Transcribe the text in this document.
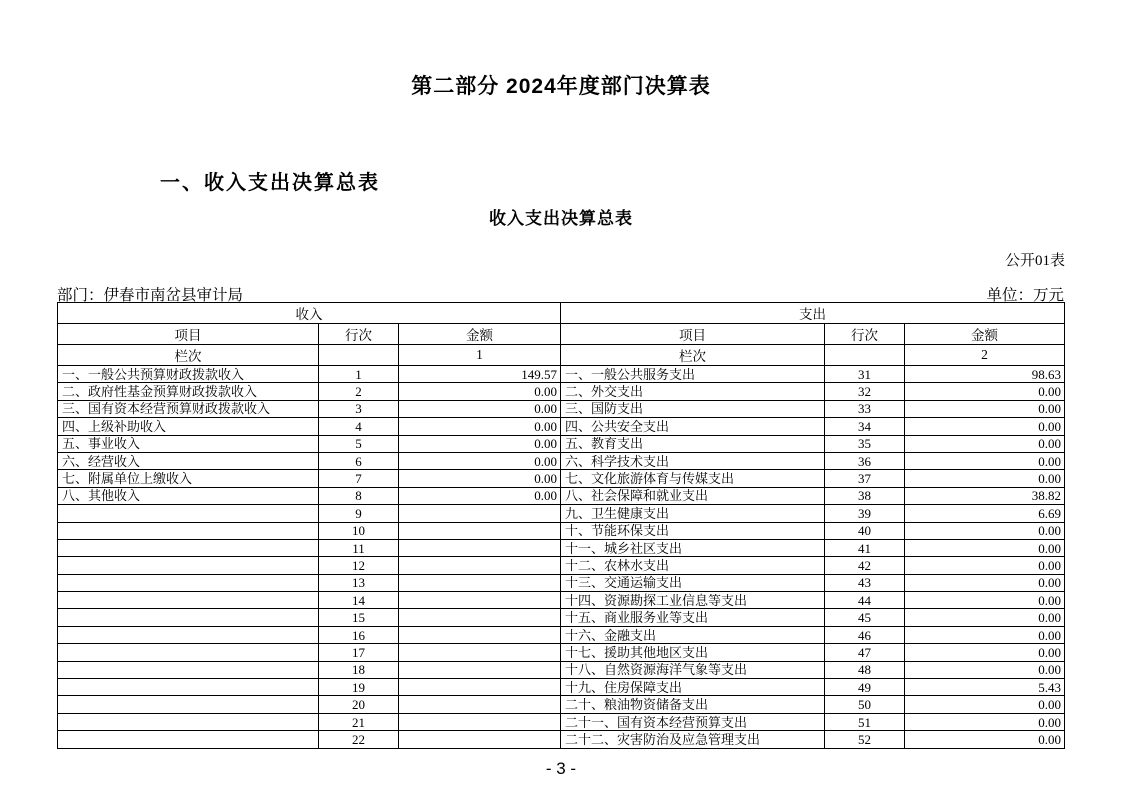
第二部分 2024年度部门决算表
一、收入支出决算总表
收入支出决算总表
公开01表
部门：伊春市南岔县审计局	单位：万元
收入			支出		
项目	行次	金额	项目	行次	金额
栏次		1	栏次		2
一、一般公共预算财政拨款收入	1	149.57	一、一般公共服务支出	31	98.63
二、政府性基金预算财政拨款收入	2	0.00	二、外交支出	32	0.00
三、国有资本经营预算财政拨款收入	3	0.00	三、国防支出	33	0.00
四、上级补助收入	4	0.00	四、公共安全支出	34	0.00
五、事业收入	5	0.00	五、教育支出	35	0.00
六、经营收入	6	0.00	六、科学技术支出	36	0.00
七、附属单位上缴收入	7	0.00	七、文化旅游体育与传媒支出	37	0.00
八、其他收入	8	0.00	八、社会保障和就业支出	38	38.82
	9		九、卫生健康支出	39	6.69
	10		十、节能环保支出	40	0.00
	11		十一、城乡社区支出	41	0.00
	12		十二、农林水支出	42	0.00
	13		十三、交通运输支出	43	0.00
	14		十四、资源勘探工业信息等支出	44	0.00
	15		十五、商业服务业等支出	45	0.00
	16		十六、金融支出	46	0.00
	17		十七、援助其他地区支出	47	0.00
	18		十八、自然资源海洋气象等支出	48	0.00
	19		十九、住房保障支出	49	5.43
	20		二十、粮油物资储备支出	50	0.00
	21		二十一、国有资本经营预算支出	51	0.00
	22		二十二、灾害防治及应急管理支出	52	0.00
- 3 -
